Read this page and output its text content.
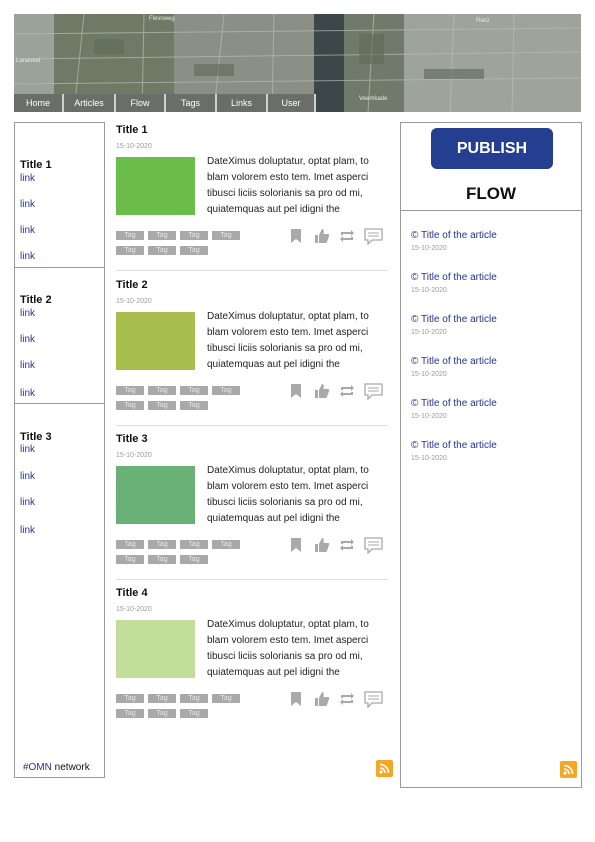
Flevoweg	Rietz
Lanaveel
Veemkade
Home	Articles	Flow	Tags	Links	User
Title 1
link
link
link
link
Title 2
link
link
link
link
Title 3
link
link
link
link
#OMN network
Title 1
15-10-2020
DateXimus doluptatur, optat plam, to blam volorem esto tem. Imet asperci tibusci liciis solorianis sa pro od mi, quiatemquas aut pel idigni the
Tag	Tag	Tag	Tag
Tag	Tag	Tag
Title 2
15-10-2020
DateXimus doluptatur, optat plam, to blam volorem esto tem. Imet asperci tibusci liciis solorianis sa pro od mi, quiatemquas aut pel idigni the
Tag	Tag	Tag	Tag
Tag	Tag	Tag
Title 3
15-10-2020
DateXimus doluptatur, optat plam, to blam volorem esto tem. Imet asperci tibusci liciis solorianis sa pro od mi, quiatemquas aut pel idigni the
Tag	Tag	Tag	Tag
Tag	Tag	Tag
Title 4
15-10-2020
DateXimus doluptatur, optat plam, to blam volorem esto tem. Imet asperci tibusci liciis solorianis sa pro od mi, quiatemquas aut pel idigni the
Tag	Tag	Tag	Tag
Tag	Tag	Tag
PUBLISH
FLOW
© Title of the article
15-10-2020
© Title of the article
15-10-2020
© Title of the article
15-10-2020
© Title of the article
15-10-2020
© Title of the article
15-10-2020
© Title of the article
15-10-2020
